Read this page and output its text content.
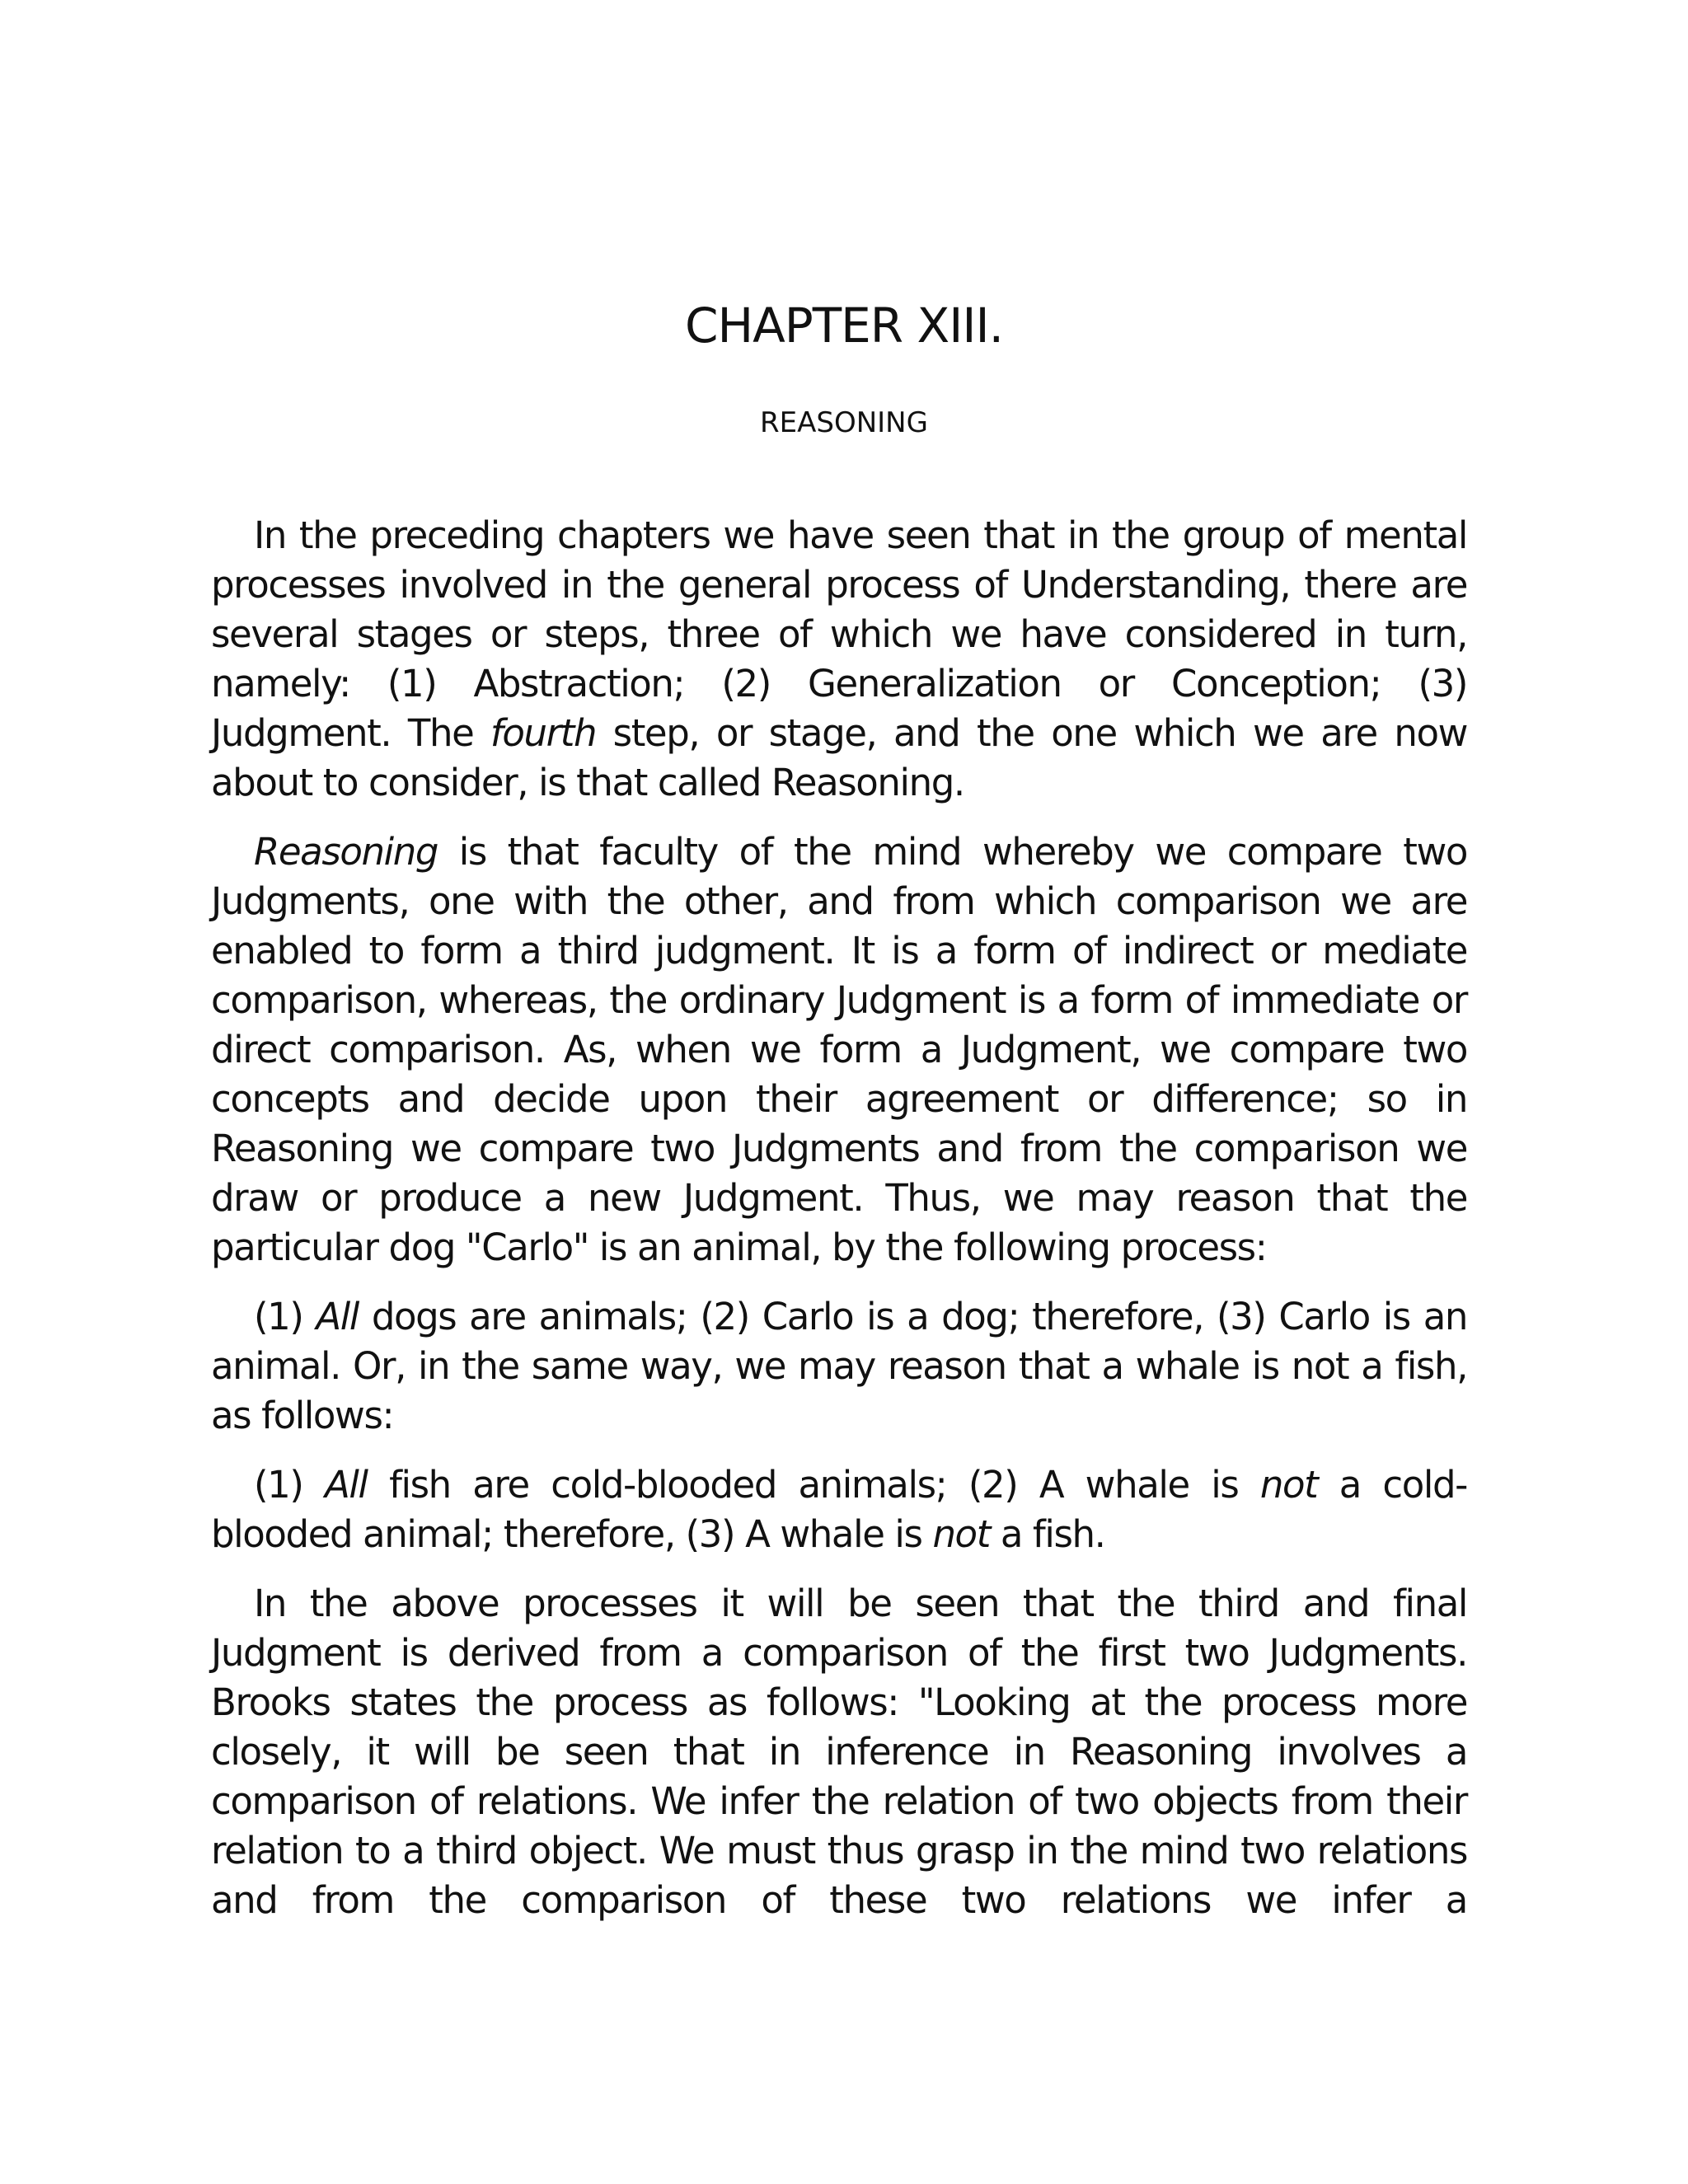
CHAPTER XIII.
REASONING

In the preceding chapters we have seen that in the group of mental processes involved in the general process of Understanding, there are several stages or steps, three of which we have considered in turn, namely: (1) Abstraction; (2) Generalization or Conception; (3) Judgment. The fourth step, or stage, and the one which we are now about to consider, is that called Reasoning.

Reasoning is that faculty of the mind whereby we compare two Judgments, one with the other, and from which comparison we are enabled to form a third judgment. It is a form of indirect or mediate comparison, whereas, the ordinary Judgment is a form of immediate or direct comparison. As, when we form a Judgment, we compare two concepts and decide upon their agreement or difference; so in Reasoning we compare two Judgments and from the comparison we draw or produce a new Judgment. Thus, we may reason that the particular dog "Carlo" is an animal, by the following process:

(1) All dogs are animals; (2) Carlo is a dog; therefore, (3) Carlo is an animal. Or, in the same way, we may reason that a whale is not a fish, as follows:

(1) All fish are cold-blooded animals; (2) A whale is not a cold-blooded animal; therefore, (3) A whale is not a fish.

In the above processes it will be seen that the third and final Judgment is derived from a comparison of the first two Judgments. Brooks states the process as follows: "Looking at the process more closely, it will be seen that in inference in Reasoning involves a comparison of relations. We infer the relation of two objects from their relation to a third object. We must thus grasp in the mind two relations and from the comparison of these two relations we infer a
